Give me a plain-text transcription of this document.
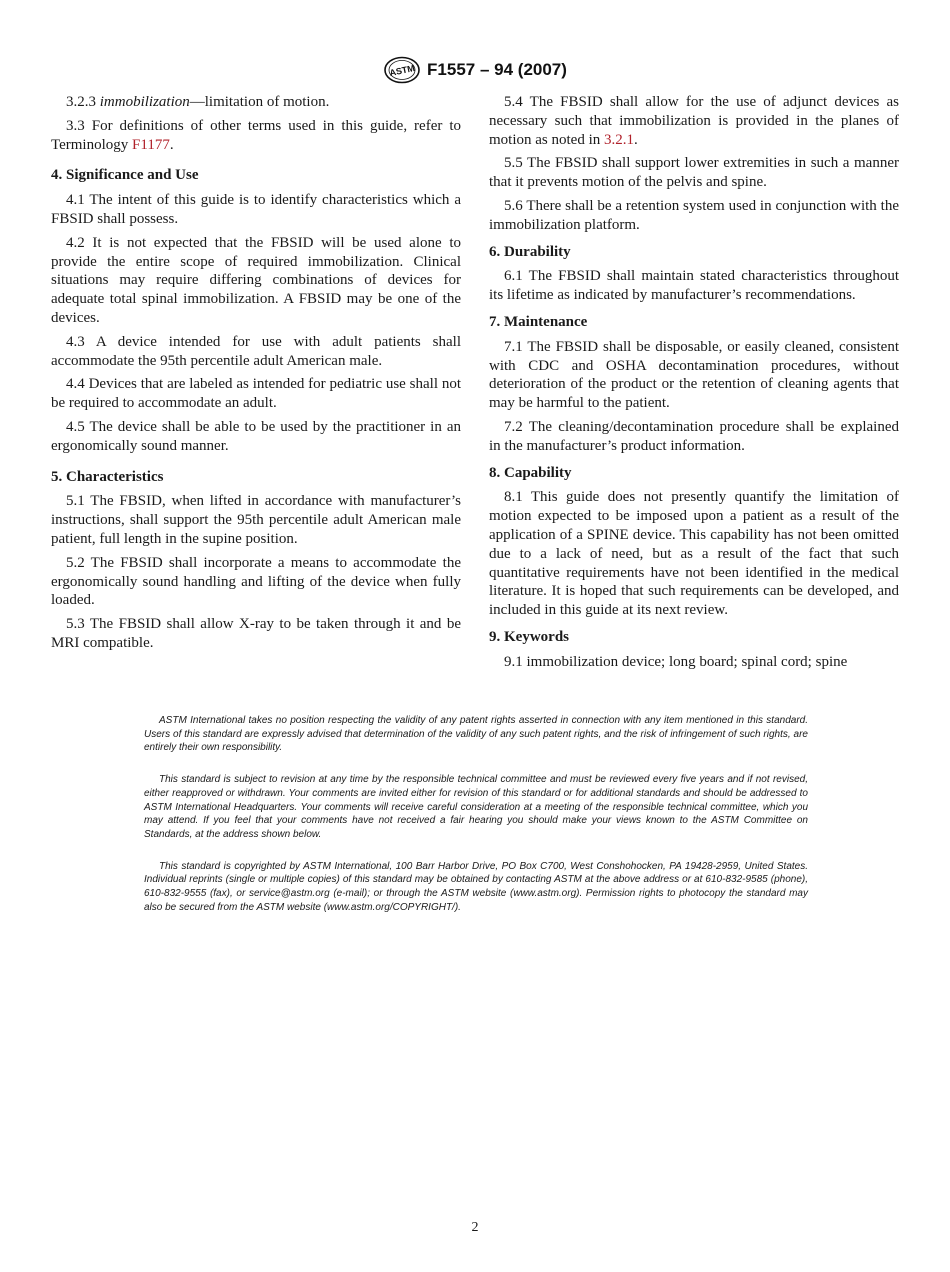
ASTM F1557 – 94 (2007)

3.2.3 immobilization—limitation of motion.

3.3 For definitions of other terms used in this guide, refer to Terminology F1177.

4. Significance and Use

4.1 The intent of this guide is to identify characteristics which a FBSID shall possess.

4.2 It is not expected that the FBSID will be used alone to provide the entire scope of required immobilization. Clinical situations may require differing combinations of devices for adequate total spinal immobilization. A FBSID may be one of the devices.

4.3 A device intended for use with adult patients shall accommodate the 95th percentile adult American male.

4.4 Devices that are labeled as intended for pediatric use shall not be required to accommodate an adult.

4.5 The device shall be able to be used by the practitioner in an ergonomically sound manner.

5. Characteristics

5.1 The FBSID, when lifted in accordance with manufacturer’s instructions, shall support the 95th percentile adult American male patient, full length in the supine position.

5.2 The FBSID shall incorporate a means to accommodate the ergonomically sound handling and lifting of the device when fully loaded.

5.3 The FBSID shall allow X-ray to be taken through it and be MRI compatible.

5.4 The FBSID shall allow for the use of adjunct devices as necessary such that immobilization is provided in the planes of motion as noted in 3.2.1.

5.5 The FBSID shall support lower extremities in such a manner that it prevents motion of the pelvis and spine.

5.6 There shall be a retention system used in conjunction with the immobilization platform.

6. Durability

6.1 The FBSID shall maintain stated characteristics throughout its lifetime as indicated by manufacturer’s recommendations.

7. Maintenance

7.1 The FBSID shall be disposable, or easily cleaned, consistent with CDC and OSHA decontamination procedures, without deterioration of the product or the retention of cleaning agents that may be harmful to the patient.

7.2 The cleaning/decontamination procedure shall be explained in the manufacturer’s product information.

8. Capability

8.1 This guide does not presently quantify the limitation of motion expected to be imposed upon a patient as a result of the application of a SPINE device. This capability has not been omitted due to a lack of need, but as a result of the fact that such quantitative requirements have not been identified in the medical literature. It is hoped that such requirements can be developed, and included in this guide at its next review.

9. Keywords

9.1 immobilization device; long board; spinal cord; spine

ASTM International takes no position respecting the validity of any patent rights asserted in connection with any item mentioned in this standard. Users of this standard are expressly advised that determination of the validity of any such patent rights, and the risk of infringement of such rights, are entirely their own responsibility.

This standard is subject to revision at any time by the responsible technical committee and must be reviewed every five years and if not revised, either reapproved or withdrawn. Your comments are invited either for revision of this standard or for additional standards and should be addressed to ASTM International Headquarters. Your comments will receive careful consideration at a meeting of the responsible technical committee, which you may attend. If you feel that your comments have not received a fair hearing you should make your views known to the ASTM Committee on Standards, at the address shown below.

This standard is copyrighted by ASTM International, 100 Barr Harbor Drive, PO Box C700, West Conshohocken, PA 19428-2959, United States. Individual reprints (single or multiple copies) of this standard may be obtained by contacting ASTM at the above address or at 610-832-9585 (phone), 610-832-9555 (fax), or service@astm.org (e-mail); or through the ASTM website (www.astm.org). Permission rights to photocopy the standard may also be secured from the ASTM website (www.astm.org/COPYRIGHT/).

2
